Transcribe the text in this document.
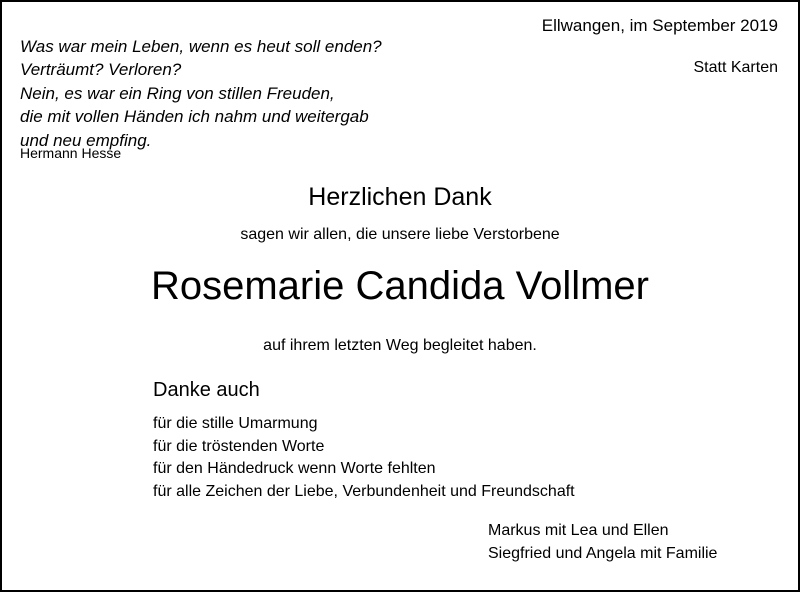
Was war mein Leben, wenn es heut soll enden?
Verträumt? Verloren?
Nein, es war ein Ring von stillen Freuden,
die mit vollen Händen ich nahm und weitergab
und neu empfing.
Hermann Hesse
Ellwangen, im September 2019
Statt Karten
Herzlichen Dank
sagen wir allen, die unsere liebe Verstorbene
Rosemarie Candida Vollmer
auf ihrem letzten Weg begleitet haben.
Danke auch
für die stille Umarmung
für die tröstenden Worte
für den Händedruck wenn Worte fehlten
für alle Zeichen der Liebe, Verbundenheit und Freundschaft
Markus mit Lea und Ellen
Siegfried und Angela mit Familie
